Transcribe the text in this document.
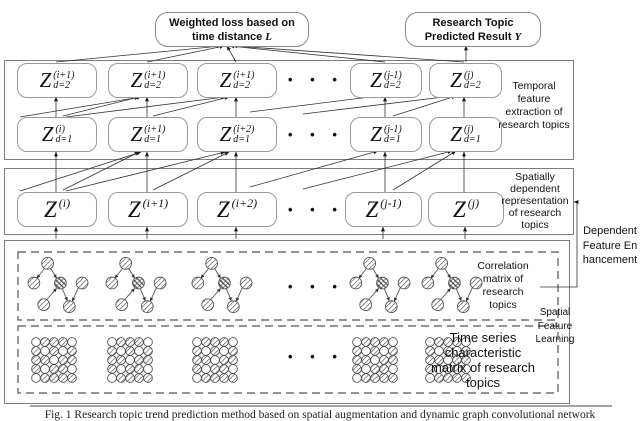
Weighted loss based on time distance L
Research Topic Predicted Result Y
Z (i+1)
d=2	Z (i+1)
d=2	Z (i+1)
d=2	Z (j-1)
d=2 Z (j)
d=2
• • •
Z (i)
d=1	Z (i+1)
d=1	Z (i+2)
d=1	Z (j-1)
d=1 Z (j)
d=1
• • •
Temporal feature extraction of research topics
Z (i)	Z (i+1) Z (i+2)	Z (j-1) Z (j)
• • •
Spatially dependent representation of research topics
• • •
Correlation matrix of research topics
• • •
Time series characteristic matrix of research topics
Dependent Feature Enhancement
Spatial Feature Learning
Fig. 1 Research topic trend prediction method based on spatial augmentation and dynamic graph convolutional network
